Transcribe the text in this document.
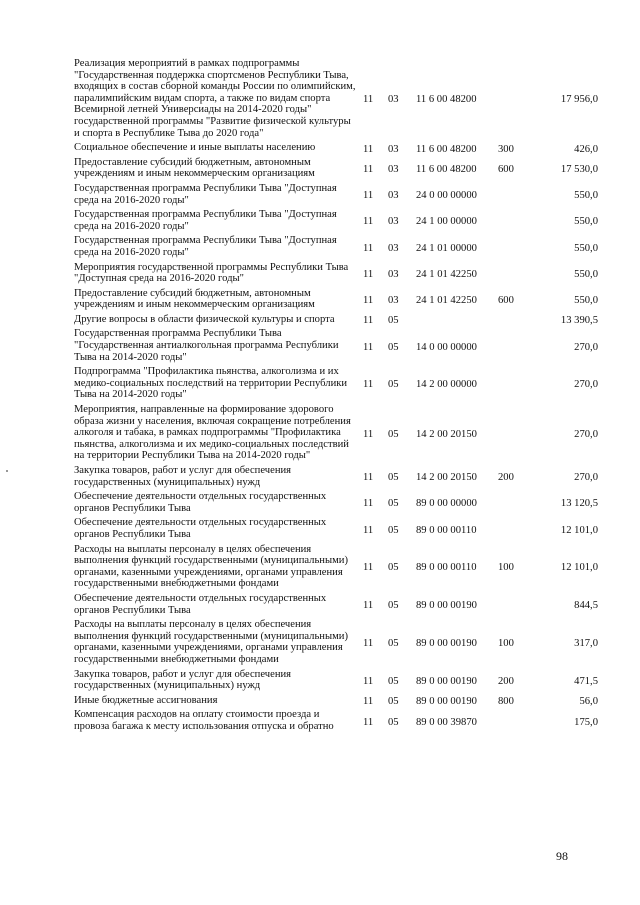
Реализация мероприятий в рамках подпрограммы "Государственная поддержка спортсменов Республики Тыва, входящих в состав сборной команды России по олимпийским, паралимпийским видам спорта, а также по видам спорта Всемирной летней Универсиады на 2014-2020 годы" государственной программы "Развитие физической культуры и спорта в Республике Тыва до 2020 года"	11	03	11 6 00 48200		17 956,0
Социальное обеспечение и иные выплаты населению	11	03	11 6 00 48200	300	426,0
Предоставление субсидий бюджетным, автономным учреждениям и иным некоммерческим организациям	11	03	11 6 00 48200	600	17 530,0
Государственная программа Республики Тыва "Доступная среда на 2016-2020 годы"	11	03	24 0 00 00000		550,0
Государственная программа Республики Тыва "Доступная среда на 2016-2020 годы"	11	03	24 1 00 00000		550,0
Государственная программа Республики Тыва "Доступная среда на 2016-2020 годы"	11	03	24 1 01 00000		550,0
Мероприятия государственной программы Республики Тыва "Доступная среда на 2016-2020 годы"	11	03	24 1 01 42250		550,0
Предоставление субсидий бюджетным, автономным учреждениям и иным некоммерческим организациям	11	03	24 1 01 42250	600	550,0
Другие вопросы в области физической культуры и спорта	11	05			13 390,5
Государственная программа Республики Тыва "Государственная антиалкогольная программа Республики Тыва на 2014-2020 годы"	11	05	14 0 00 00000		270,0
Подпрограмма "Профилактика пьянства, алкоголизма и их медико-социальных последствий на территории Республики Тыва на 2014-2020 годы"	11	05	14 2 00 00000		270,0
Мероприятия, направленные на формирование здорового образа жизни у населения, включая сокращение потребления алкоголя и табака, в рамках подпрограммы "Профилактика пьянства, алкоголизма и их медико-социальных последствий на территории Республики Тыва на 2014-2020 годы"	11	05	14 2 00 20150		270,0
Закупка товаров, работ и услуг для обеспечения государственных (муниципальных) нужд	11	05	14 2 00 20150	200	270,0
Обеспечение деятельности отдельных государственных органов Республики Тыва	11	05	89 0 00 00000		13 120,5
Обеспечение деятельности отдельных государственных органов Республики Тыва	11	05	89 0 00 00110		12 101,0
Расходы на выплаты персоналу в целях обеспечения выполнения функций государственными (муниципальными) органами, казенными учреждениями, органами управления государственными внебюджетными фондами	11	05	89 0 00 00110	100	12 101,0
Обеспечение деятельности отдельных государственных органов Республики Тыва	11	05	89 0 00 00190		844,5
Расходы на выплаты персоналу в целях обеспечения выполнения функций государственными (муниципальными) органами, казенными учреждениями, органами управления государственными внебюджетными фондами	11	05	89 0 00 00190	100	317,0
Закупка товаров, работ и услуг для обеспечения государственных (муниципальных) нужд	11	05	89 0 00 00190	200	471,5
Иные бюджетные ассигнования	11	05	89 0 00 00190	800	56,0
Компенсация расходов на оплату стоимости проезда и провоза багажа к месту использования отпуска и обратно	11	05	89 0 00 39870		175,0
98
